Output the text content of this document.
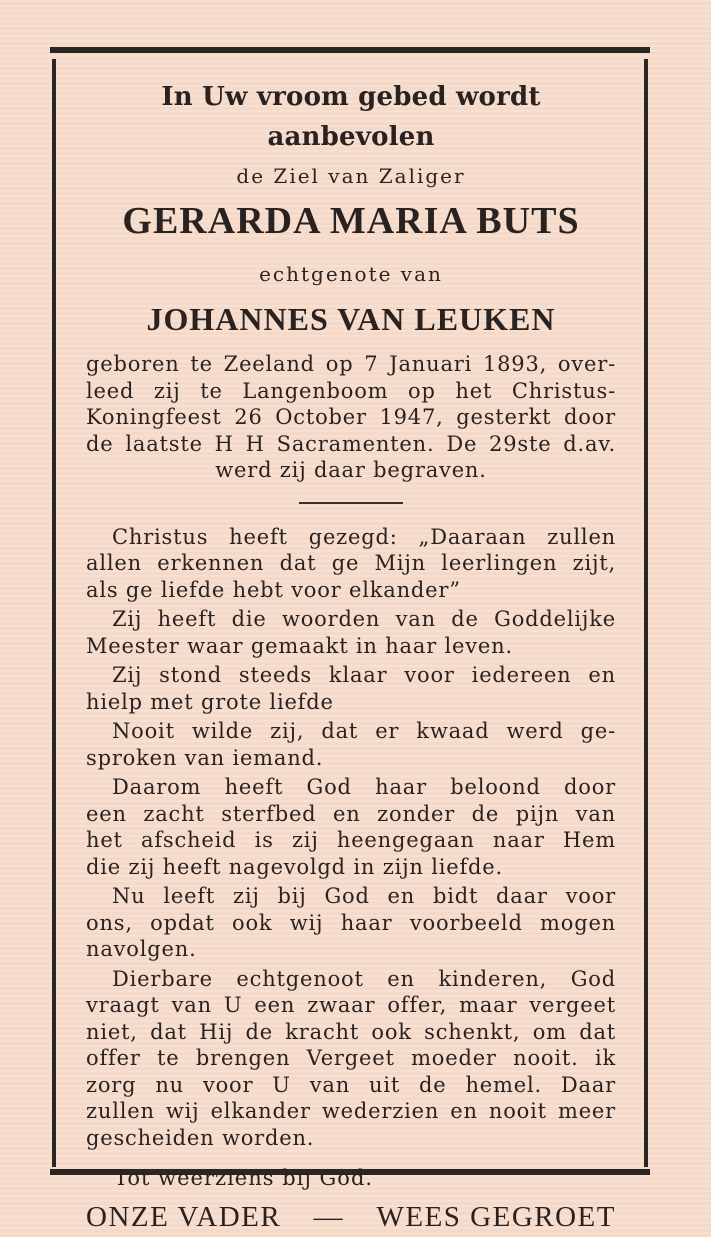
In Uw vroom gebed wordt aanbevolen
de Ziel van Zaliger
GERARDA MARIA BUTS
echtgenote van
JOHANNES VAN LEUKEN
geboren te Zeeland op 7 Januari 1893, over-
leed zij te Langenboom op het Christus-
Koningfeest 26 October 1947, gesterkt door
de laatste H H Sacramenten. De 29ste d.av.
werd zij daar begraven.
Christus heeft gezegd: „Daaraan zullen
allen erkennen dat ge Mijn leerlingen zijt,
als ge liefde hebt voor elkander”
Zij heeft die woorden van de Goddelijke
Meester waar gemaakt in haar leven.
Zij stond steeds klaar voor iedereen en
hielp met grote liefde
Nooit wilde zij, dat er kwaad werd ge-
sproken van iemand.
Daarom heeft God haar beloond door
een zacht sterfbed en zonder de pijn van
het afscheid is zij heengegaan naar Hem
die zij heeft nagevolgd in zijn liefde.
Nu leeft zij bij God en bidt daar voor
ons, opdat ook wij haar voorbeeld mogen
navolgen.
Dierbare echtgenoot en kinderen, God
vraagt van U een zwaar offer, maar vergeet
niet, dat Hij de kracht ook schenkt, om dat
offer te brengen Vergeet moeder nooit. ik
zorg nu voor U van uit de hemel. Daar
zullen wij elkander wederzien en nooit meer
gescheiden worden.
Tot weerziens bij God.
ONZE VADER — WEES GEGROET
